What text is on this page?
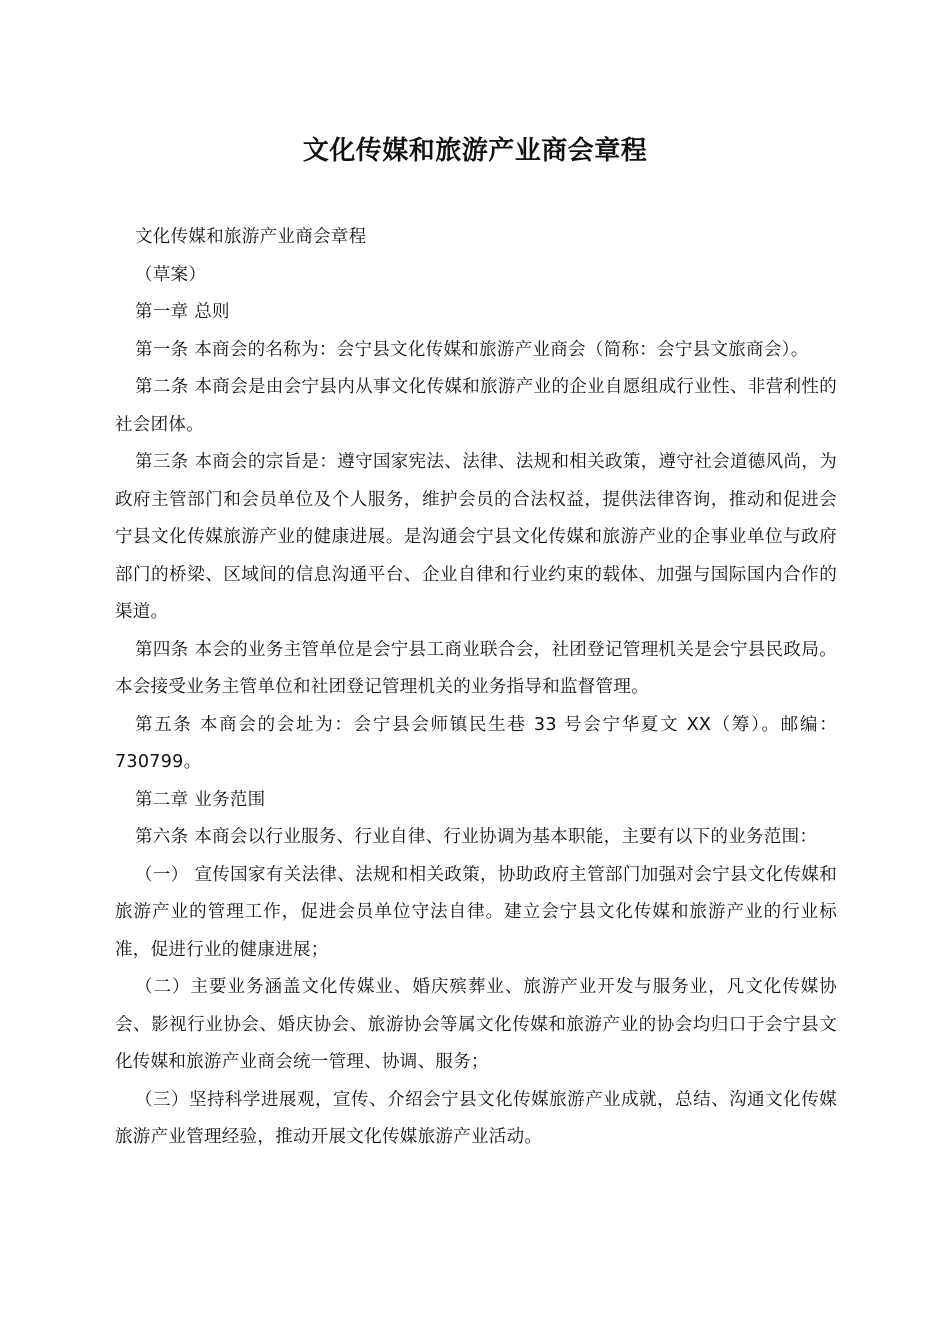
文化传媒和旅游产业商会章程

文化传媒和旅游产业商会章程

（草案）

第一章 总则

第一条 本商会的名称为：会宁县文化传媒和旅游产业商会（简称：会宁县文旅商会）。

第二条 本商会是由会宁县内从事文化传媒和旅游产业的企业自愿组成行业性、非营利性的社会团体。

第三条 本商会的宗旨是：遵守国家宪法、法律、法规和相关政策，遵守社会道德风尚，为政府主管部门和会员单位及个人服务，维护会员的合法权益，提供法律咨询，推动和促进会宁县文化传媒旅游产业的健康进展。是沟通会宁县文化传媒和旅游产业的企事业单位与政府部门的桥梁、区域间的信息沟通平台、企业自律和行业约束的载体、加强与国际国内合作的渠道。

第四条 本会的业务主管单位是会宁县工商业联合会，社团登记管理机关是会宁县民政局。本会接受业务主管单位和社团登记管理机关的业务指导和监督管理。

第五条 本商会的会址为：会宁县会师镇民生巷 33 号会宁华夏文 XX（筹）。邮编：730799。

第二章 业务范围

第六条 本商会以行业服务、行业自律、行业协调为基本职能，主要有以下的业务范围：

（一） 宣传国家有关法律、法规和相关政策，协助政府主管部门加强对会宁县文化传媒和旅游产业的管理工作，促进会员单位守法自律。建立会宁县文化传媒和旅游产业的行业标准，促进行业的健康进展；

（二）主要业务涵盖文化传媒业、婚庆殡葬业、旅游产业开发与服务业，凡文化传媒协会、影视行业协会、婚庆协会、旅游协会等属文化传媒和旅游产业的协会均归口于会宁县文化传媒和旅游产业商会统一管理、协调、服务；

（三）坚持科学进展观，宣传、介绍会宁县文化传媒旅游产业成就，总结、沟通文化传媒旅游产业管理经验，推动开展文化传媒旅游产业活动。
